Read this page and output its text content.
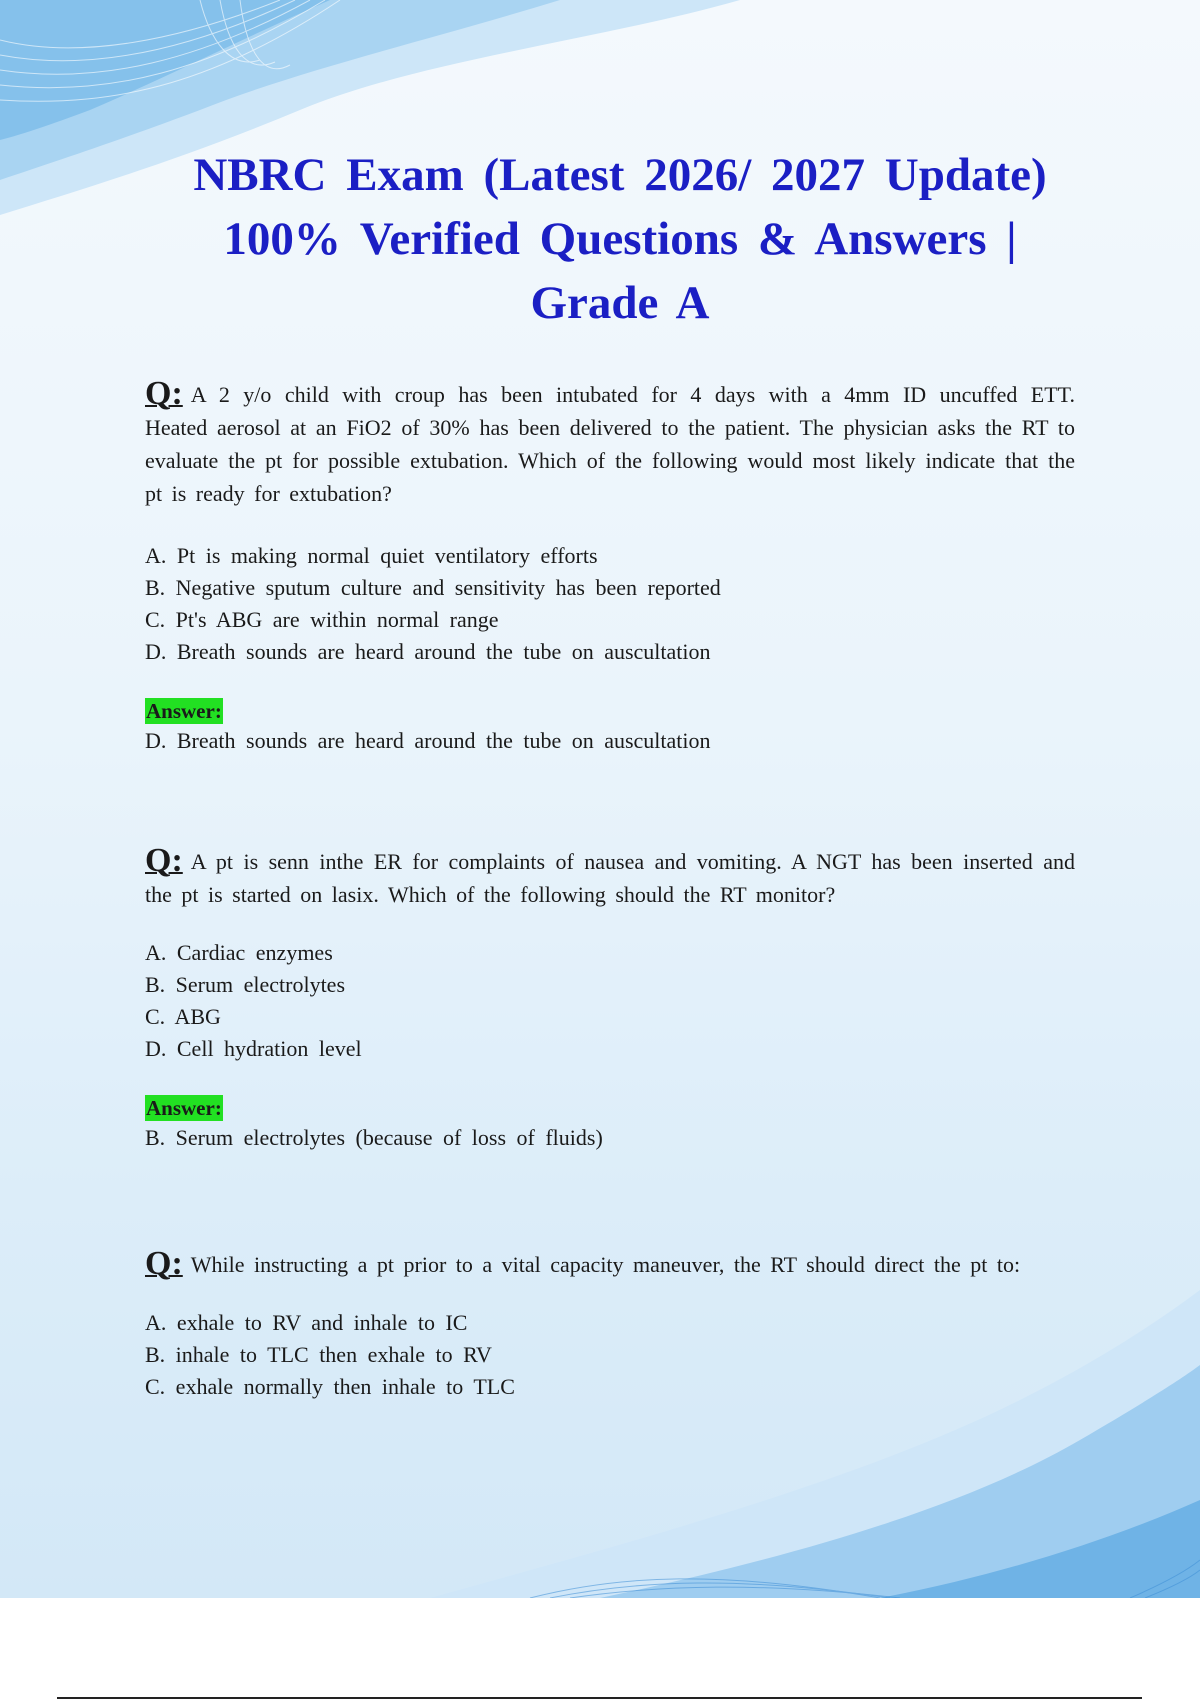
NBRC Exam (Latest 2026/ 2027 Update)
100% Verified Questions & Answers |
Grade A

Q: A 2 y/o child with croup has been intubated for 4 days with a 4mm ID uncuffed ETT. Heated aerosol at an FiO2 of 30% has been delivered to the patient. The physician asks the RT to evaluate the pt for possible extubation. Which of the following would most likely indicate that the pt is ready for extubation?

A. Pt is making normal quiet ventilatory efforts
B. Negative sputum culture and sensitivity has been reported
C. Pt's ABG are within normal range
D. Breath sounds are heard around the tube on auscultation
Answer:
D. Breath sounds are heard around the tube on auscultation

Q: A pt is senn inthe ER for complaints of nausea and vomiting. A NGT has been inserted and the pt is started on lasix. Which of the following should the RT monitor?

A. Cardiac enzymes
B. Serum electrolytes
C. ABG
D. Cell hydration level
Answer:
B. Serum electrolytes (because of loss of fluids)

Q: While instructing a pt prior to a vital capacity maneuver, the RT should direct the pt to:

A. exhale to RV and inhale to IC
B. inhale to TLC then exhale to RV
C. exhale normally then inhale to TLC
